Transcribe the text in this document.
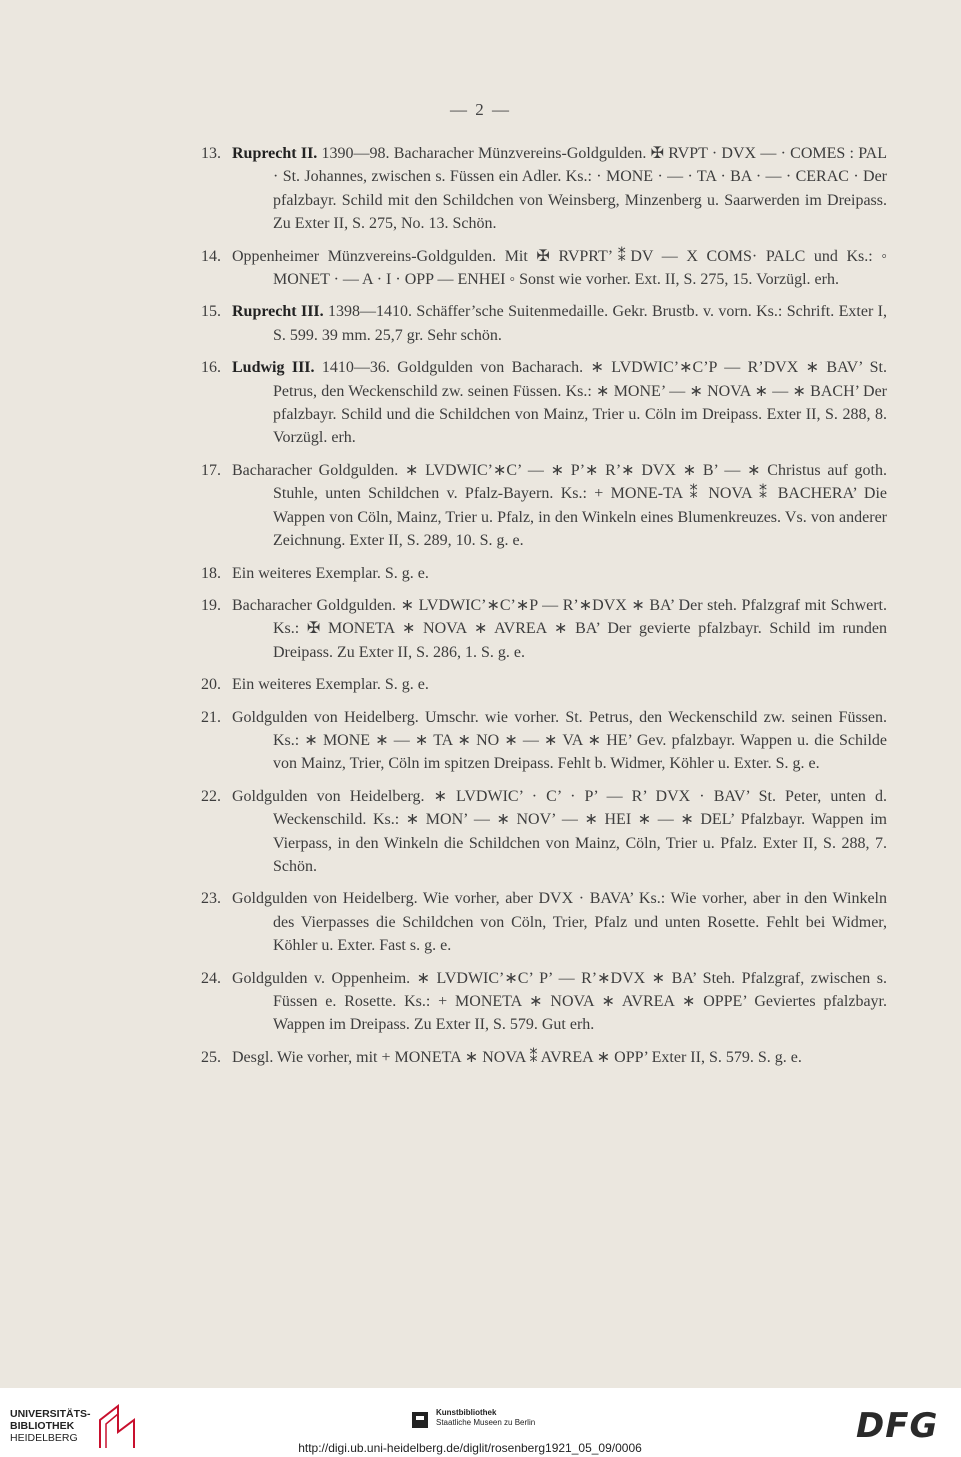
— 2 —
13. Ruprecht II. 1390—98. Bacharacher Münzvereins-Goldgulden. ✠ RVPT · DVX — · COMES : PAL · St. Johannes, zwischen s. Füssen ein Adler. Ks.: · MONE · — · TA · BA · — · CERAC · Der pfalzbayr. Schild mit den Schildchen von Weinsberg, Minzenberg u. Saarwerden im Dreipass. Zu Exter II, S. 275, No. 13. Schön.
14. Oppenheimer Münzvereins-Goldgulden. Mit ✠ RVPRT’⁑DV — X COMS· PALC und Ks.: ◦ MONET · — A · I · OPP — ENHEI ◦ Sonst wie vorher. Ext. II, S. 275, 15. Vorzügl. erh.
15. Ruprecht III. 1398—1410. Schäffer’sche Suitenmedaille. Gekr. Brustb. v. vorn. Ks.: Schrift. Exter I, S. 599. 39 mm. 25,7 gr. Sehr schön.
16. Ludwig III. 1410—36. Goldgulden von Bacharach. ∗ LVDWIC’∗C’P — R’DVX ∗ BAV’ St. Petrus, den Weckenschild zw. seinen Füssen. Ks.: ∗ MONE’ — ∗ NOVA ∗ — ∗ BACH’ Der pfalzbayr. Schild und die Schildchen von Mainz, Trier u. Cöln im Dreipass. Exter II, S. 288, 8. Vorzügl. erh.
17. Bacharacher Goldgulden. ∗ LVDWIC’∗C’ — ∗ P’∗ R’∗ DVX ∗ B’ — ∗ Christus auf goth. Stuhle, unten Schildchen v. Pfalz-Bayern. Ks.: + MONE-TA ⁑ NOVA ⁑ BACHERA’ Die Wappen von Cöln, Mainz, Trier u. Pfalz, in den Winkeln eines Blumenkreuzes. Vs. von anderer Zeichnung. Exter II, S. 289, 10. S. g. e.
18. Ein weiteres Exemplar. S. g. e.
19. Bacharacher Goldgulden. ∗ LVDWIC’∗C’∗P — R’∗DVX ∗ BA’ Der steh. Pfalzgraf mit Schwert. Ks.: ✠ MONETA ∗ NOVA ∗ AVREA ∗ BA’ Der gevierte pfalzbayr. Schild im runden Dreipass. Zu Exter II, S. 286, 1. S. g. e.
20. Ein weiteres Exemplar. S. g. e.
21. Goldgulden von Heidelberg. Umschr. wie vorher. St. Petrus, den Weckenschild zw. seinen Füssen. Ks.: ∗ MONE ∗ — ∗ TA ∗ NO ∗ — ∗ VA ∗ HE’ Gev. pfalzbayr. Wappen u. die Schilde von Mainz, Trier, Cöln im spitzen Dreipass. Fehlt b. Widmer, Köhler u. Exter. S. g. e.
22. Goldgulden von Heidelberg. ∗ LVDWIC’ · C’ · P’ — R’ DVX · BAV’ St. Peter, unten d. Weckenschild. Ks.: ∗ MON’ — ∗ NOV’ — ∗ HEI ∗ — ∗ DEL’ Pfalzbayr. Wappen im Vierpass, in den Winkeln die Schildchen von Mainz, Cöln, Trier u. Pfalz. Exter II, S. 288, 7. Schön.
23. Goldgulden von Heidelberg. Wie vorher, aber DVX · BAVA’ Ks.: Wie vorher, aber in den Winkeln des Vierpasses die Schildchen von Cöln, Trier, Pfalz und unten Rosette. Fehlt bei Widmer, Köhler u. Exter. Fast s. g. e.
24. Goldgulden v. Oppenheim. ∗ LVDWIC’∗C’ P’ — R’∗DVX ∗ BA’ Steh. Pfalzgraf, zwischen s. Füssen e. Rosette. Ks.: + MONETA ∗ NOVA ∗ AVREA ∗ OPPE’ Geviertes pfalzbayr. Wappen im Dreipass. Zu Exter II, S. 579. Gut erh.
25. Desgl. Wie vorher, mit + MONETA ∗ NOVA ⁑ AVREA ∗ OPP’ Exter II, S. 579. S. g. e.
UNIVERSITÄTS-
BIBLIOTHEK
HEIDELBERG
Kunstbibliothek
Staatliche Museen zu Berlin	DFG
http://digi.ub.uni-heidelberg.de/diglit/rosenberg1921_05_09/0006
